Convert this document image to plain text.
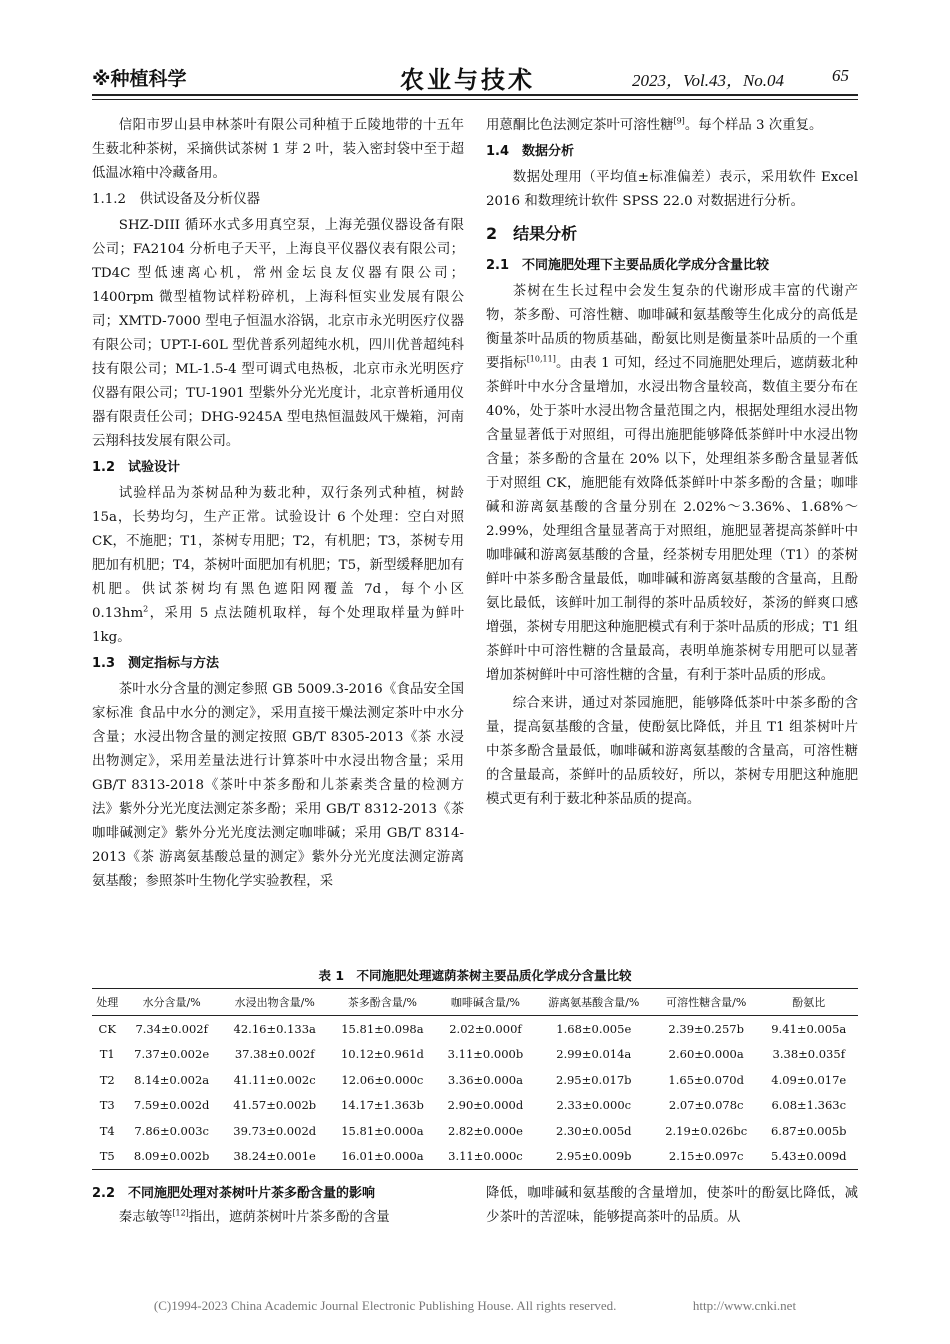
※种植科学	农业与技术	2023，Vol.43，No.04	65

信阳市罗山县申林茶叶有限公司种植于丘陵地带的十五年生薮北种茶树，采摘供试茶树 1 芽 2 叶，装入密封袋中至于超低温冰箱中冷藏备用。

1.1.2　供试设备及分析仪器

SHZ-DIII 循环水式多用真空泵，上海羌强仪器设备有限公司；FA2104 分析电子天平，上海良平仪器仪表有限公司；TD4C 型低速离心机，常州金坛良友仪器有限公司；1400rpm 微型植物试样粉碎机，上海科恒实业发展有限公司；XMTD-7000 型电子恒温水浴锅，北京市永光明医疗仪器有限公司；UPT-I-60L 型优普系列超纯水机，四川优普超纯科技有限公司；ML-1.5-4 型可调式电热板，北京市永光明医疗仪器有限公司；TU-1901 型紫外分光光度计，北京普析通用仪器有限责任公司；DHG-9245A 型电热恒温鼓风干燥箱，河南云翔科技发展有限公司。

1.2　试验设计

试验样品为茶树品种为薮北种，双行条列式种植，树龄 15a，长势均匀，生产正常。试验设计 6 个处理：空白对照 CK，不施肥；T1，茶树专用肥；T2，有机肥；T3，茶树专用肥加有机肥；T4，茶树叶面肥加有机肥；T5，新型缓释肥加有机肥。供试茶树均有黑色遮阳网覆盖 7d，每个小区 $0.13hm^2$，采用 5 点法随机取样，每个处理取样量为鲜叶 1kg。

1.3　测定指标与方法

茶叶水分含量的测定参照 GB 5009.3-2016《食品安全国家标准 食品中水分的测定》，采用直接干燥法测定茶叶中水分含量；水浸出物含量的测定按照 GB/T 8305-2013《茶 水浸出物测定》，采用差量法进行计算茶叶中水浸出物含量；采用 GB/T 8313-2018《茶叶中茶多酚和儿茶素类含量的检测方法》紫外分光光度法测定茶多酚；采用 GB/T 8312-2013《茶 咖啡碱测定》紫外分光光度法测定咖啡碱；采用 GB/T 8314-2013《茶 游离氨基酸总量的测定》紫外分光光度法测定游离氨基酸；参照茶叶生物化学实验教程，采

用蒽酮比色法测定茶叶可溶性糖[9]。每个样品 3 次重复。

1.4　数据分析

数据处理用（平均值±标准偏差）表示，采用软件 Excel 2016 和数理统计软件 SPSS 22.0 对数据进行分析。

2　结果分析

2.1　不同施肥处理下主要品质化学成分含量比较

茶树在生长过程中会发生复杂的代谢形成丰富的代谢产物，茶多酚、可溶性糖、咖啡碱和氨基酸等生化成分的高低是衡量茶叶品质的物质基础，酚氨比则是衡量茶叶品质的一个重要指标[10,11]。由表 1 可知，经过不同施肥处理后，遮荫薮北种茶鲜叶中水分含量增加，水浸出物含量较高，数值主要分布在 40%，处于茶叶水浸出物含量范围之内，根据处理组水浸出物含量显著低于对照组，可得出施肥能够降低茶鲜叶中水浸出物含量；茶多酚的含量在 20% 以下，处理组茶多酚含量显著低于对照组 CK，施肥能有效降低茶鲜叶中茶多酚的含量；咖啡碱和游离氨基酸的含量分别在 2.02%～3.36%、1.68%～2.99%，处理组含量显著高于对照组，施肥显著提高茶鲜叶中咖啡碱和游离氨基酸的含量，经茶树专用肥处理（T1）的茶树鲜叶中茶多酚含量最低，咖啡碱和游离氨基酸的含量高，且酚氨比最低，该鲜叶加工制得的茶叶品质较好，茶汤的鲜爽口感增强，茶树专用肥这种施肥模式有利于茶叶品质的形成；T1 组茶鲜叶中可溶性糖的含量最高，表明单施茶树专用肥可以显著增加茶树鲜叶中可溶性糖的含量，有利于茶叶品质的形成。

综合来讲，通过对茶园施肥，能够降低茶叶中茶多酚的含量，提高氨基酸的含量，使酚氨比降低，并且 T1 组茶树叶片中茶多酚含量最低，咖啡碱和游离氨基酸的含量高，可溶性糖的含量最高，茶鲜叶的品质较好，所以，茶树专用肥这种施肥模式更有利于薮北种茶品质的提高。

表 1　不同施肥处理遮荫茶树主要品质化学成分含量比较
处理	水分含量/%	水浸出物含量/%	茶多酚含量/%	咖啡碱含量/%	游离氨基酸含量/%	可溶性糖含量/%	酚氨比
CK	7.34±0.002f	42.16±0.133a	15.81±0.098a	2.02±0.000f	1.68±0.005e	2.39±0.257b	9.41±0.005a
T1	7.37±0.002e	37.38±0.002f	10.12±0.961d	3.11±0.000b	2.99±0.014a	2.60±0.000a	3.38±0.035f
T2	8.14±0.002a	41.11±0.002c	12.06±0.000c	3.36±0.000a	2.95±0.017b	1.65±0.070d	4.09±0.017e
T3	7.59±0.002d	41.57±0.002b	14.17±1.363b	2.90±0.000d	2.33±0.000c	2.07±0.078c	6.08±1.363c
T4	7.86±0.003c	39.73±0.002d	15.81±0.000a	2.82±0.000e	2.30±0.005d	2.19±0.026bc	6.87±0.005b
T5	8.09±0.002b	38.24±0.001e	16.01±0.000a	3.11±0.000c	2.95±0.009b	2.15±0.097c	5.43±0.009d

2.2　不同施肥处理对茶树叶片茶多酚含量的影响

秦志敏等[12]指出，遮荫茶树叶片茶多酚的含量

降低，咖啡碱和氨基酸的含量增加，使茶叶的酚氨比降低，减少茶叶的苦涩味，能够提高茶叶的品质。从

(C)1994-2023 China Academic Journal Electronic Publishing House. All rights reserved.	http://www.cnki.net
